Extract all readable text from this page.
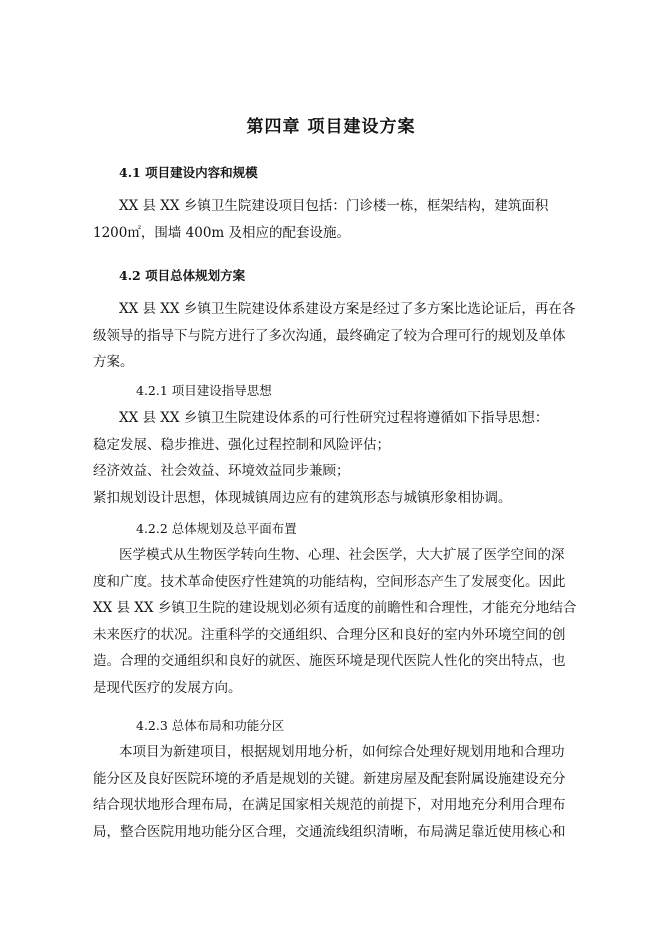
第四章 项目建设方案
4.1 项目建设内容和规模
XX 县 XX 乡镇卫生院建设项目包括：门诊楼一栋，框架结构，建筑面积
1200㎡，围墙 400m 及相应的配套设施。
4.2 项目总体规划方案
XX 县 XX 乡镇卫生院建设体系建设方案是经过了多方案比选论证后，再在各
级领导的指导下与院方进行了多次沟通，最终确定了较为合理可行的规划及单体
方案。
4.2.1 项目建设指导思想
XX 县 XX 乡镇卫生院建设体系的可行性研究过程将遵循如下指导思想：
稳定发展、稳步推进、强化过程控制和风险评估；
经济效益、社会效益、环境效益同步兼顾；
紧扣规划设计思想，体现城镇周边应有的建筑形态与城镇形象相协调。
4.2.2 总体规划及总平面布置
医学模式从生物医学转向生物、心理、社会医学，大大扩展了医学空间的深
度和广度。技术革命使医疗性建筑的功能结构，空间形态产生了发展变化。因此
XX 县 XX 乡镇卫生院的建设规划必须有适度的前瞻性和合理性，才能充分地结合
未来医疗的状况。注重科学的交通组织、合理分区和良好的室内外环境空间的创
造。合理的交通组织和良好的就医、施医环境是现代医院人性化的突出特点，也
是现代医疗的发展方向。
4.2.3 总体布局和功能分区
本项目为新建项目，根据规划用地分析，如何综合处理好规划用地和合理功
能分区及良好医院环境的矛盾是规划的关键。新建房屋及配套附属设施建设充分
结合现状地形合理布局，在满足国家相关规范的前提下，对用地充分利用合理布
局，整合医院用地功能分区合理，交通流线组织清晰，布局满足靠近使用核心和
